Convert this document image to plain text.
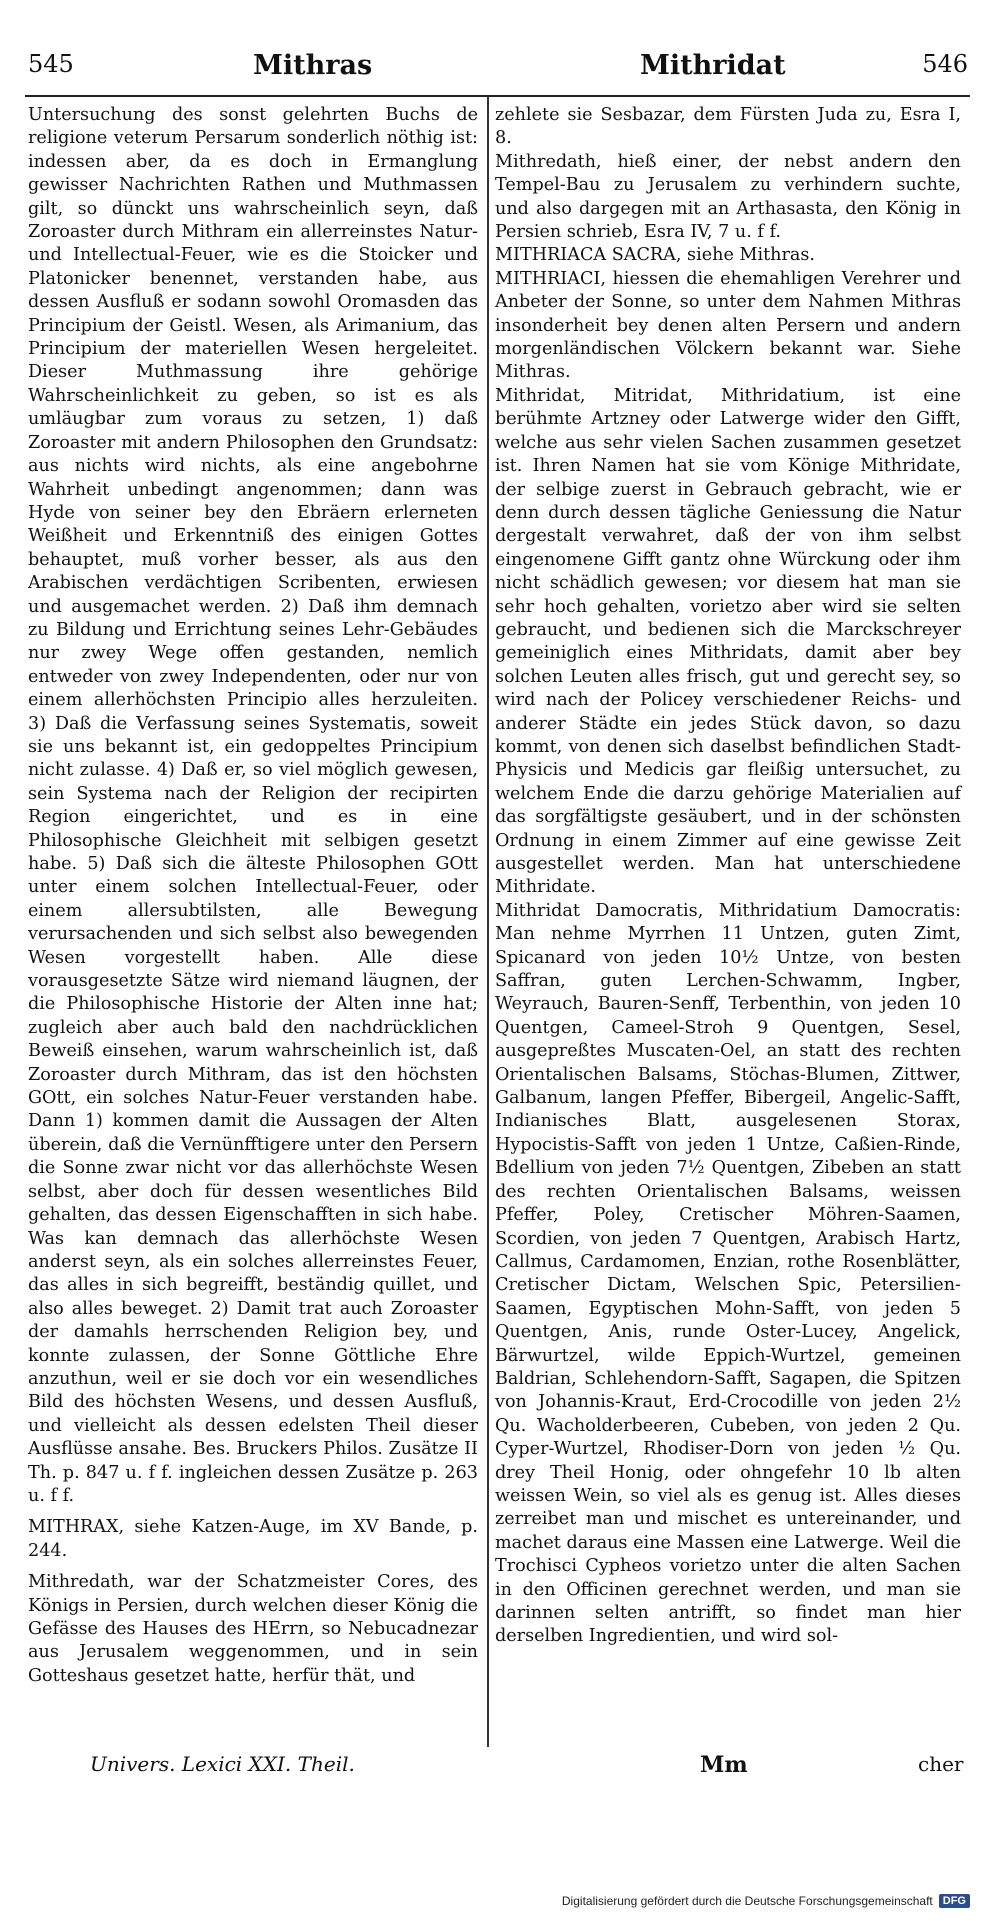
545	Mithras	Mithridat	546

Untersuchung des sonst gelehrten Buchs de religione veterum Persarum sonderlich nöthig ist: indessen aber, da es doch in Ermanglung gewisser Nachrichten Rathen und Muthmassen gilt, so dünckt uns wahrscheinlich seyn, daß Zoroaster durch Mithram ein allerreinstes Natur- und Intellectual-Feuer, wie es die Stoicker und Platonicker benennet, verstanden habe, aus dessen Ausfluß er sodann sowohl Oromasden das Principium der Geistl. Wesen, als Arimanium, das Principium der materiellen Wesen hergeleitet. Dieser Muthmassung ihre gehörige Wahrscheinlichkeit zu geben, so ist es als umläugbar zum voraus zu setzen, 1) daß Zoroaster mit andern Philosophen den Grundsatz: aus nichts wird nichts, als eine angebohrne Wahrheit unbedingt angenommen; dann was Hyde von seiner bey den Ebräern erlerneten Weißheit und Erkenntniß des einigen Gottes behauptet, muß vorher besser, als aus den Arabischen verdächtigen Scribenten, erwiesen und ausgemachet werden. 2) Daß ihm demnach zu Bildung und Errichtung seines Lehr-Gebäudes nur zwey Wege offen gestanden, nemlich entweder von zwey Independenten, oder nur von einem allerhöchsten Principio alles herzuleiten. 3) Daß die Verfassung seines Systematis, soweit sie uns bekannt ist, ein gedoppeltes Principium nicht zulasse. 4) Daß er, so viel möglich gewesen, sein Systema nach der Religion der recipirten Region eingerichtet, und es in eine Philosophische Gleichheit mit selbigen gesetzt habe. 5) Daß sich die älteste Philosophen GOtt unter einem solchen Intellectual-Feuer, oder einem allersubtilsten, alle Bewegung verursachenden und sich selbst also bewegenden Wesen vorgestellt haben. Alle diese vorausgesetzte Sätze wird niemand läugnen, der die Philosophische Historie der Alten inne hat; zugleich aber auch bald den nachdrücklichen Beweiß einsehen, warum wahrscheinlich ist, daß Zoroaster durch Mithram, das ist den höchsten GOtt, ein solches Natur-Feuer verstanden habe. Dann 1) kommen damit die Aussagen der Alten überein, daß die Vernünfftigere unter den Persern die Sonne zwar nicht vor das allerhöchste Wesen selbst, aber doch für dessen wesentliches Bild gehalten, das dessen Eigenschafften in sich habe. Was kan demnach das allerhöchste Wesen anderst seyn, als ein solches allerreinstes Feuer, das alles in sich begreifft, beständig quillet, und also alles beweget. 2) Damit trat auch Zoroaster der damahls herrschenden Religion bey, und konnte zulassen, der Sonne Göttliche Ehre anzuthun, weil er sie doch vor ein wesendliches Bild des höchsten Wesens, und dessen Ausfluß, und vielleicht als dessen edelsten Theil dieser Ausflüsse ansahe. Bes. Bruckers Philos. Zusätze II Th. p. 847 u. f f. ingleichen dessen Zusätze p. 263 u. f f.

MITHRAX, siehe Katzen-Auge, im XV Bande, p. 244.

Mithredath, war der Schatzmeister Cores, des Königs in Persien, durch welchen dieser König die Gefässe des Hauses des HErrn, so Nebucadnezar aus Jerusalem weggenommen, und in sein Gotteshaus gesetzet hatte, herfür thät, und

zehlete sie Sesbazar, dem Fürsten Juda zu, Esra I, 8.

Mithredath, hieß einer, der nebst andern den Tempel-Bau zu Jerusalem zu verhindern suchte, und also dargegen mit an Arthasasta, den König in Persien schrieb, Esra IV, 7 u. f f.

MITHRIACA SACRA, siehe Mithras.

MITHRIACI, hiessen die ehemahligen Verehrer und Anbeter der Sonne, so unter dem Nahmen Mithras insonderheit bey denen alten Persern und andern morgenländischen Völckern bekannt war. Siehe Mithras.

Mithridat, Mitridat, Mithridatium, ist eine berühmte Artzney oder Latwerge wider den Gifft, welche aus sehr vielen Sachen zusammen gesetzet ist. Ihren Namen hat sie vom Könige Mithridate, der selbige zuerst in Gebrauch gebracht, wie er denn durch dessen tägliche Geniessung die Natur dergestalt verwahret, daß der von ihm selbst eingenomene Gifft gantz ohne Würckung oder ihm nicht schädlich gewesen; vor diesem hat man sie sehr hoch gehalten, vorietzo aber wird sie selten gebraucht, und bedienen sich die Marckschreyer gemeiniglich eines Mithridats, damit aber bey solchen Leuten alles frisch, gut und gerecht sey, so wird nach der Policey verschiedener Reichs- und anderer Städte ein jedes Stück davon, so dazu kommt, von denen sich daselbst befindlichen Stadt-Physicis und Medicis gar fleißig untersuchet, zu welchem Ende die darzu gehörige Materialien auf das sorgfältigste gesäubert, und in der schönsten Ordnung in einem Zimmer auf eine gewisse Zeit ausgestellet werden. Man hat unterschiedene Mithridate.

Mithridat Damocratis, Mithridatium Damocratis: Man nehme Myrrhen 11 Untzen, guten Zimt, Spicanard von jeden 10½ Untze, von besten Saffran, guten Lerchen-Schwamm, Ingber, Weyrauch, Bauren-Senff, Terbenthin, von jeden 10 Quentgen, Cameel-Stroh 9 Quentgen, Sesel, ausgepreßtes Muscaten-Oel, an statt des rechten Orientalischen Balsams, Stöchas-Blumen, Zittwer, Galbanum, langen Pfeffer, Bibergeil, Angelic-Safft, Indianisches Blatt, ausgelesenen Storax, Hypocistis-Safft von jeden 1 Untze, Caßien-Rinde, Bdellium von jeden 7½ Quentgen, Zibeben an statt des rechten Orientalischen Balsams, weissen Pfeffer, Poley, Cretischer Möhren-Saamen, Scordien, von jeden 7 Quentgen, Arabisch Hartz, Callmus, Cardamomen, Enzian, rothe Rosenblätter, Cretischer Dictam, Welschen Spic, Petersilien-Saamen, Egyptischen Mohn-Safft, von jeden 5 Quentgen, Anis, runde Oster-Lucey, Angelick, Bärwurtzel, wilde Eppich-Wurtzel, gemeinen Baldrian, Schlehendorn-Safft, Sagapen, die Spitzen von Johannis-Kraut, Erd-Crocodille von jeden 2½ Qu. Wacholderbeeren, Cubeben, von jeden 2 Qu. Cyper-Wurtzel, Rhodiser-Dorn von jeden ½ Qu. drey Theil Honig, oder ohngefehr 10 lb alten weissen Wein, so viel als es genug ist. Alles dieses zerreibet man und mischet es untereinander, und machet daraus eine Massen eine Latwerge. Weil die Trochisci Cypheos vorietzo unter die alten Sachen in den Officinen gerechnet werden, und man sie darinnen selten antrifft, so findet man hier derselben Ingredientien, und wird sol-

Univers. Lexici XXI. Theil.	Mm	cher
Digitalisierung gefördert durch die Deutsche Forschungsgemeinschaft DFG
